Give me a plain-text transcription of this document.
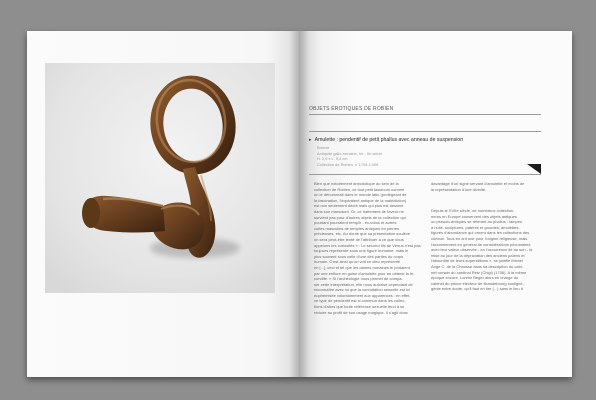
OBJETS ÉROTIQUES DE ROBIEN
▸ Amulette : pendentif de petit phallus avec anneau de suspension
Bronze
Antiquité gallo-romaine, Ier - IIe siècle
H. 2,9 x L. 5,4 cm
Collection de Robien, n°1704-1.006
Bien que notoirement anecdotique au sein de la
collection de Robien, ce tout petit fascinum comme
on le dénommait dans le monde latin (protégeant de
la fascination, l'équivalent antique de la malédiction)
est non seulement décrit mais qui plus est dessiné
dans son manuscrit. Or, ce traitement de faveur ne
survient pas pour d'autres objets de la collection qui
pourtant pourraient remplir - ex-votos et autres
cultes masculins de temples antiques en pierres
précieuses, etc. Au doute que sa présentation soulève
on sera peut-être tenté de l'attribuer à ce que nous
appelons les curiosités « : Le second fils de Vénus n'est pas
toujours représenté sous une figure humaine, mais le
plus souvent sous celle d'une des parties du corps
humain. C'est ainsi qu'on voit ce dieu représenté
en [...], ceci et tel que les dames romaines le portaient
par une enflure en guise d'amulette pour en obtenir la fé-
condité. » Si l'archéologie nous permet de compa-
ser cette interprétation, elle nous autorise cependant de
reconnaître avec lui que la connotation sexuelle est ici
euphémisée volontairement aux apparences : en effet,
ce type de pendentif est si commun dans les collec-
tions d'alors que toute référence sexuelle tend à se
réduire au profit de son usage magique. Il s'agit donc
davantage d'un signe servant d'amulette et moins de
la représentation d'une divinité.
Depuis le XVIIe siècle, de nombreux collection-
neurs en Europe conservent des objets antiques
ou pseudo-antiques se référant au phallus : lampes
à huile, sculptures, patères et gourdes, amulettes,
figurés d'abondance qui ornent dans les collections des
curieux. Tous en ont une pour l'origine religieuse, mais
l'accointement en général de considérations pécuniaires
avec leur valeur observée - en l'occurrence lié au son - la
mise au jour de la dépravation des anciens païens et
l'absurdité de leurs superstitions », se justifie Michel
Ange C. de la Chausse dans sa description du cabi-
net romain du cardinal Retz (Chigi) (1706). A la même
époque encore, Lorenz Beger alors en charge du
cabinet du prince électeur de Brandebourg souligne,
génie entre doute, qu'il faut en tire (...) sans le lieu it.
